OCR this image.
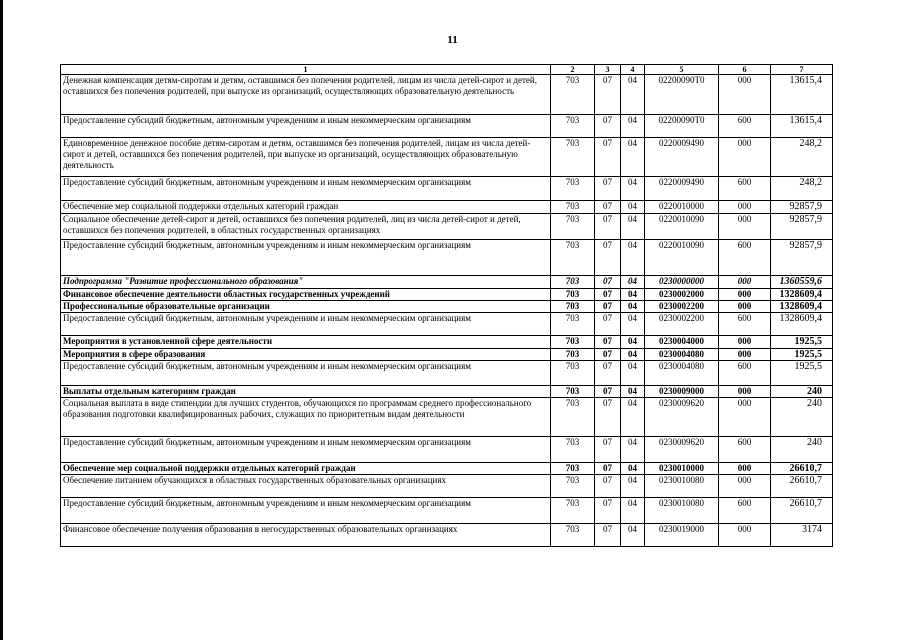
11
1	2	3	4	5	6	7
Денежная компенсация детям-сиротам и детям, оставшимся без попечения родителей, лицам из числа детей-сирот и детей, оставшихся без попечения родителей, при выпуске из организаций, осуществляющих образовательную деятельность	703	07	04	02200090Т0	000	13615,4
Предоставление субсидий бюджетным, автономным учреждениям и иным некоммерческим организациям	703	07	04	02200090Т0	600	13615,4
Единовременное денежное пособие детям-сиротам и детям, оставшимся без попечения родителей, лицам из числа детей-сирот и детей, оставшихся без попечения родителей, при выпуске из организаций, осуществляющих образовательную деятельность	703	07	04	0220009490	000	248,2
Предоставление субсидий бюджетным, автономным учреждениям и иным некоммерческим организациям	703	07	04	0220009490	600	248,2
Обеспечение мер социальной поддержки отдельных категорий граждан	703	07	04	0220010000	000	92857,9
Социальное обеспечение детей-сирот и детей, оставшихся без попечения родителей, лиц из числа детей-сирот и детей, оставшихся без попечения родителей, в областных государственных организациях	703	07	04	0220010090	000	92857,9
Предоставление субсидий бюджетным, автономным учреждениям и иным некоммерческим организациям	703	07	04	0220010090	600	92857,9
Подпрограмма "Развитие профессионального образования"	703	07	04	0230000000	000	1360559,6
Финансовое обеспечение деятельности областных государственных учреждений	703	07	04	0230002000	000	1328609,4
Профессиональные образовательные организации	703	07	04	0230002200	000	1328609,4
Предоставление субсидий бюджетным, автономным учреждениям и иным некоммерческим организациям	703	07	04	0230002200	600	1328609,4
Мероприятия в установленной сфере деятельности	703	07	04	0230004000	000	1925,5
Мероприятия в сфере образования	703	07	04	0230004080	000	1925,5
Предоставление субсидий бюджетным, автономным учреждениям и иным некоммерческим организациям	703	07	04	0230004080	600	1925,5
Выплаты отдельным категориям граждан	703	07	04	0230009000	000	240
Социальная выплата в виде стипендии для лучших студентов, обучающихся по программам среднего профессионального образования подготовки квалифицированных рабочих, служащих по приоритетным видам деятельности	703	07	04	0230009620	000	240
Предоставление субсидий бюджетным, автономным учреждениям и иным некоммерческим организациям	703	07	04	0230009620	600	240
Обеспечение мер социальной поддержки отдельных категорий граждан	703	07	04	0230010000	000	26610,7
Обеспечение питанием обучающихся в областных государственных образовательных организациях	703	07	04	0230010080	000	26610,7
Предоставление субсидий бюджетным, автономным учреждениям и иным некоммерческим организациям	703	07	04	0230010080	600	26610,7
Финансовое обеспечение получения образования в негосударственных образовательных организациях	703	07	04	0230019000	000	3174
